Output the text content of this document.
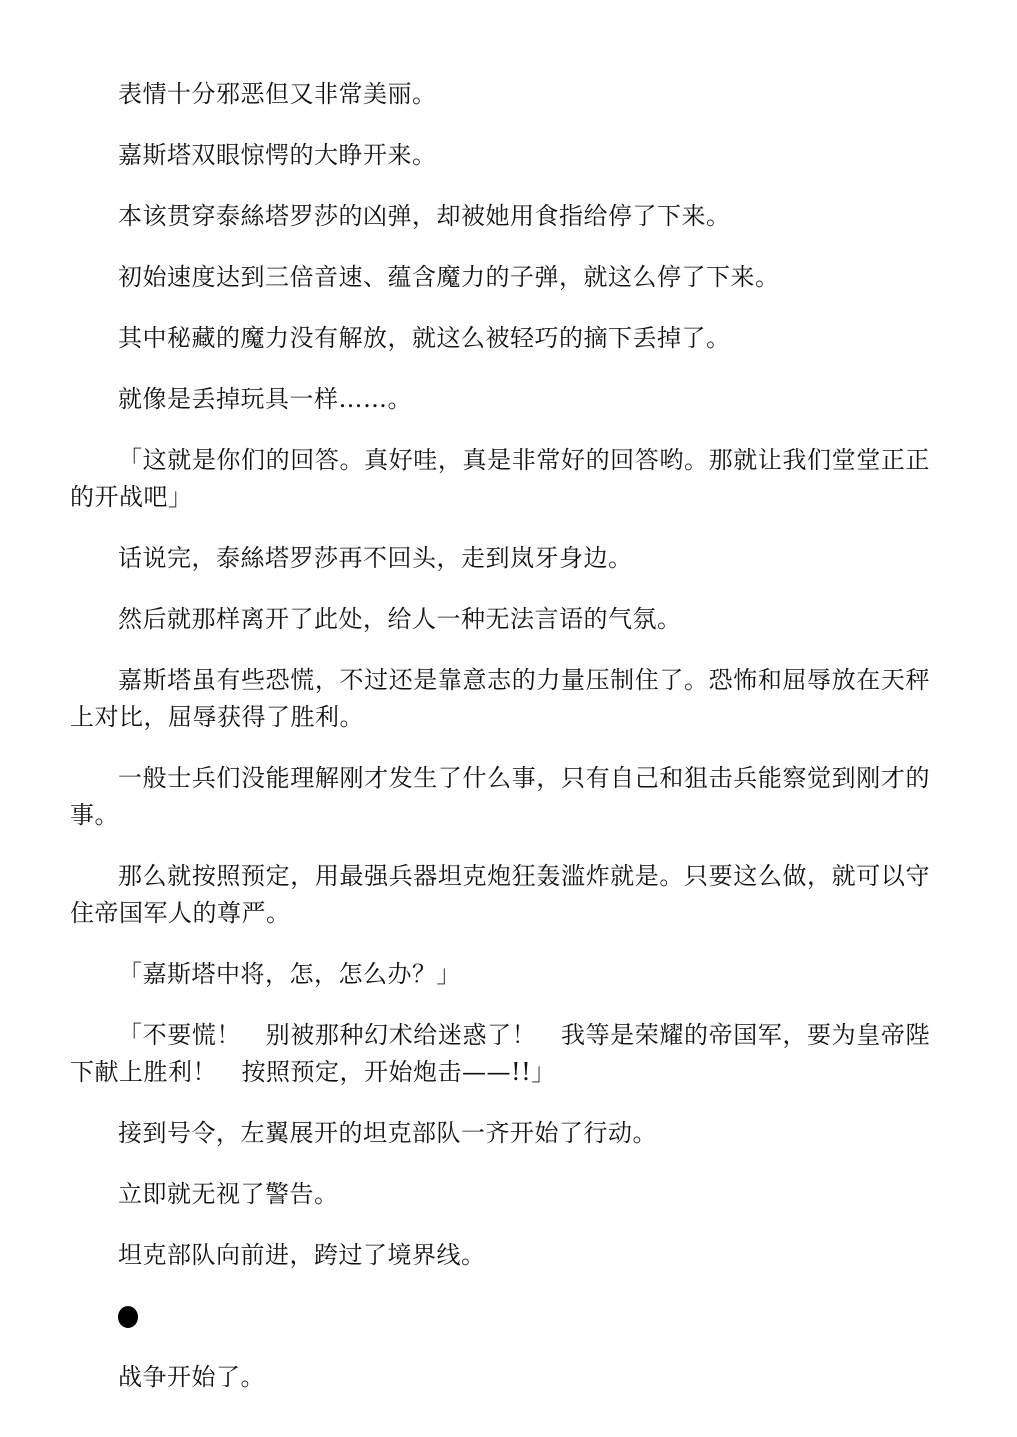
表情十分邪恶但又非常美丽。

嘉斯塔双眼惊愕的大睁开来。

本该贯穿泰絲塔罗莎的凶弹，却被她用食指给停了下来。

初始速度达到三倍音速、蕴含魔力的子弹，就这么停了下来。

其中秘藏的魔力没有解放，就这么被轻巧的摘下丢掉了。

就像是丢掉玩具一样……。

「这就是你们的回答。真好哇，真是非常好的回答哟。那就让我们堂堂正正的开战吧」

话说完，泰絲塔罗莎再不回头，走到岚牙身边。

然后就那样离开了此处，给人一种无法言语的气氛。

嘉斯塔虽有些恐慌，不过还是靠意志的力量压制住了。恐怖和屈辱放在天秤上对比，屈辱获得了胜利。

一般士兵们没能理解刚才发生了什么事，只有自己和狙击兵能察觉到刚才的事。

那么就按照预定，用最强兵器坦克炮狂轰滥炸就是。只要这么做，就可以守住帝国军人的尊严。

「嘉斯塔中将，怎，怎么办？」

「不要慌！　别被那种幻术给迷惑了！　我等是荣耀的帝国军，要为皇帝陛下献上胜利！　按照预定，开始炮击——!!」

接到号令，左翼展开的坦克部队一齐开始了行动。

立即就无视了警告。

坦克部队向前进，跨过了境界线。

战争开始了。
